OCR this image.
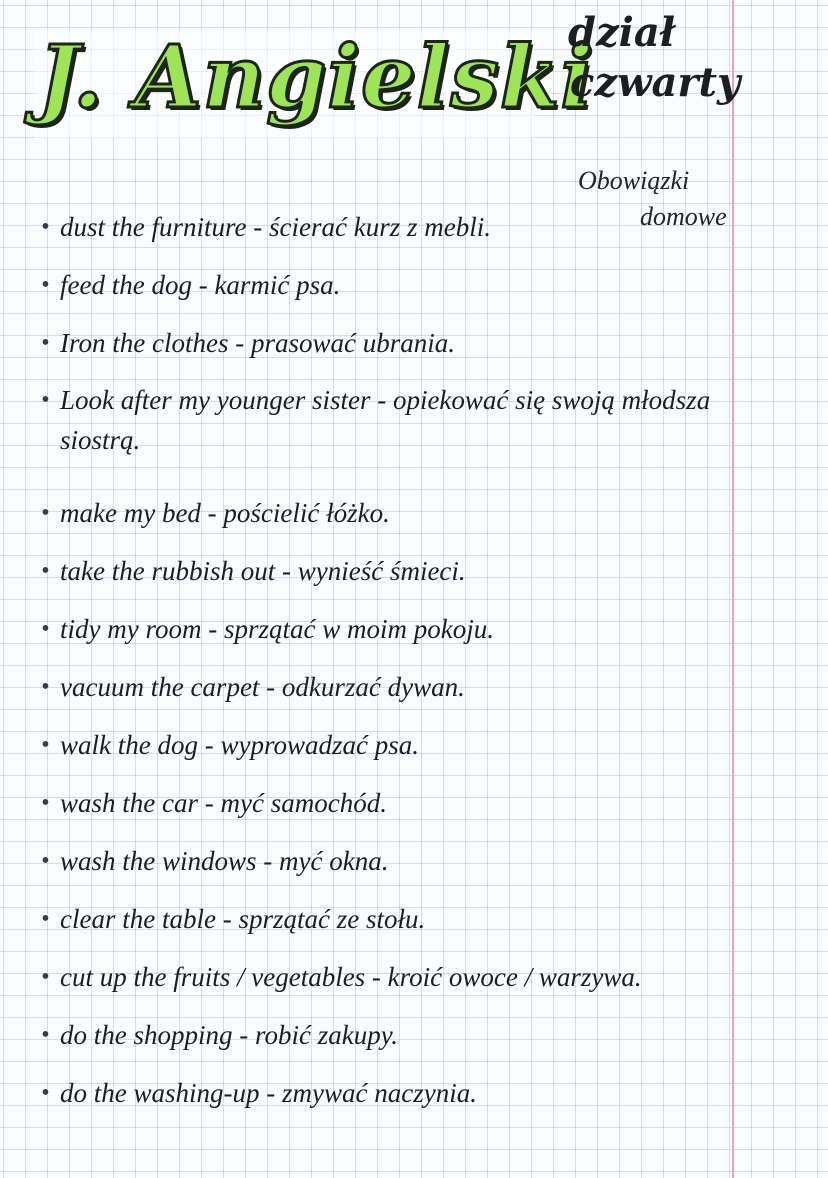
J. Angielski
dział
czwarty
Obowiązki
domowe
• dust the furniture - ścierać kurz z mebli.
• feed the dog - karmić psa.
• Iron the clothes - prasować ubrania.
• Look after my younger sister - opiekować się swoją młodsza siostrą.
• make my bed - pościelić łóżko.
• take the rubbish out - wynieść śmieci.
• tidy my room - sprzątać w moim pokoju.
• vacuum the carpet - odkurzać dywan.
• walk the dog - wyprowadzać psa.
• wash the car - myć samochód.
• wash the windows - myć okna.
• clear the table - sprzątać ze stołu.
• cut up the fruits / vegetables - kroić owoce / warzywa.
• do the shopping - robić zakupy.
• do the washing-up - zmywać naczynia.
